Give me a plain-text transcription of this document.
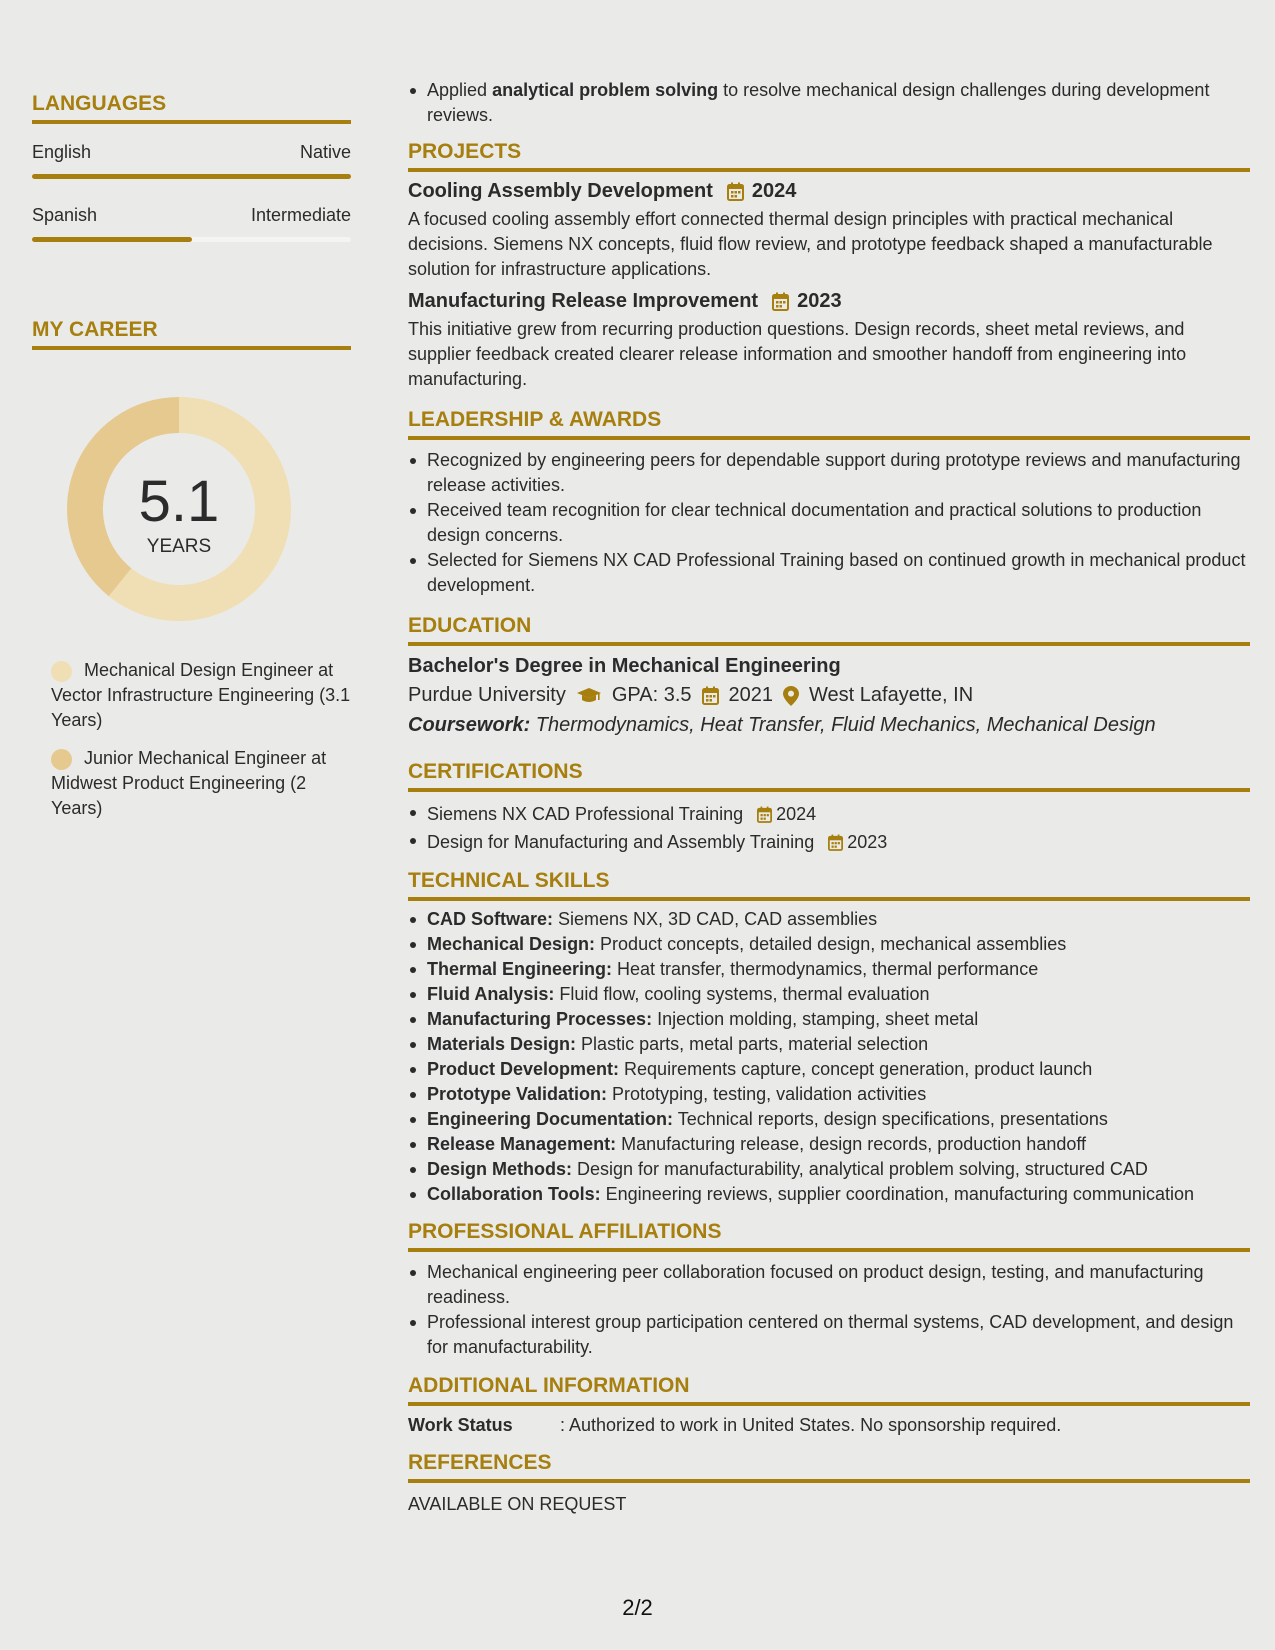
LANGUAGES
English	Native
Spanish	Intermediate
MY CAREER
5.1
YEARS
Mechanical Design Engineer at Vector Infrastructure Engineering (3.1 Years)
Junior Mechanical Engineer at Midwest Product Engineering (2 Years)
Applied analytical problem solving to resolve mechanical design challenges during development reviews.
PROJECTS
Cooling Assembly Development 2024
A focused cooling assembly effort connected thermal design principles with practical mechanical decisions. Siemens NX concepts, fluid flow review, and prototype feedback shaped a manufacturable solution for infrastructure applications.
Manufacturing Release Improvement 2023
This initiative grew from recurring production questions. Design records, sheet metal reviews, and supplier feedback created clearer release information and smoother handoff from engineering into manufacturing.
LEADERSHIP & AWARDS
Recognized by engineering peers for dependable support during prototype reviews and manufacturing release activities.
Received team recognition for clear technical documentation and practical solutions to production design concerns.
Selected for Siemens NX CAD Professional Training based on continued growth in mechanical product development.
EDUCATION
Bachelor's Degree in Mechanical Engineering
Purdue University GPA: 3.5 2021 West Lafayette, IN
Coursework: Thermodynamics, Heat Transfer, Fluid Mechanics, Mechanical Design
CERTIFICATIONS
Siemens NX CAD Professional Training 2024
Design for Manufacturing and Assembly Training 2023
TECHNICAL SKILLS
CAD Software: Siemens NX, 3D CAD, CAD assemblies
Mechanical Design: Product concepts, detailed design, mechanical assemblies
Thermal Engineering: Heat transfer, thermodynamics, thermal performance
Fluid Analysis: Fluid flow, cooling systems, thermal evaluation
Manufacturing Processes: Injection molding, stamping, sheet metal
Materials Design: Plastic parts, metal parts, material selection
Product Development: Requirements capture, concept generation, product launch
Prototype Validation: Prototyping, testing, validation activities
Engineering Documentation: Technical reports, design specifications, presentations
Release Management: Manufacturing release, design records, production handoff
Design Methods: Design for manufacturability, analytical problem solving, structured CAD
Collaboration Tools: Engineering reviews, supplier coordination, manufacturing communication
PROFESSIONAL AFFILIATIONS
Mechanical engineering peer collaboration focused on product design, testing, and manufacturing readiness.
Professional interest group participation centered on thermal systems, CAD development, and design for manufacturability.
ADDITIONAL INFORMATION
Work Status	: Authorized to work in United States. No sponsorship required.
REFERENCES
AVAILABLE ON REQUEST
2/2
